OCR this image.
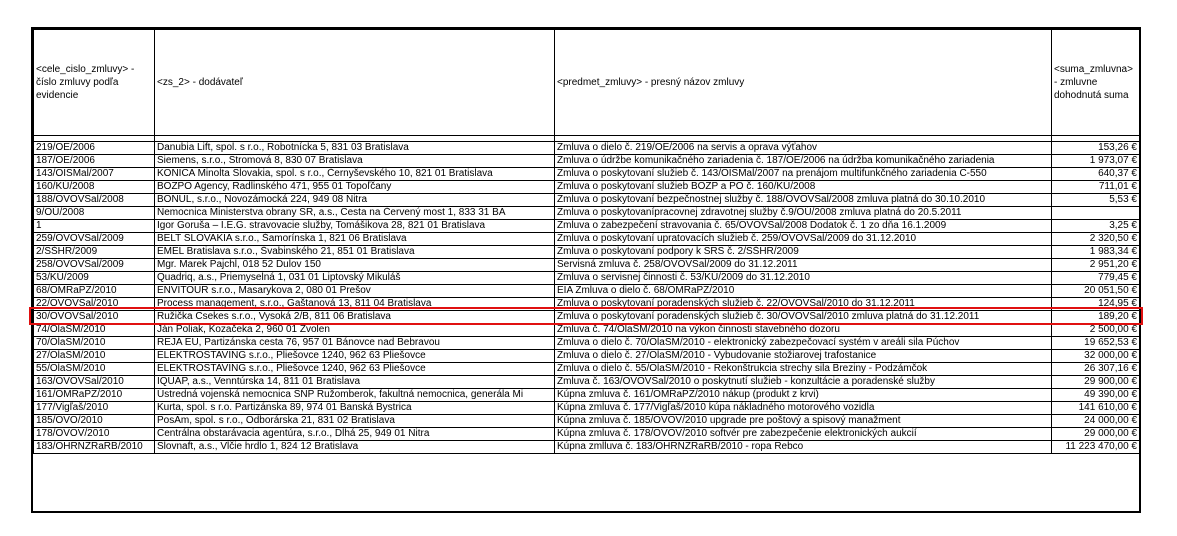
<cele_cislo_zmluvy> - číslo zmluvy podľa evidencie	<zs_2> - dodávateľ	<predmet_zmluvy> - presný názov zmluvy	<suma_zmluvna> - zmluvne dohodnutá suma

219/OE/2006	Danubia Lift, spol. s r.o., Robotnícka 5, 831 03 Bratislava	Zmluva o dielo č. 219/OE/2006 na servis a oprava výťahov	153,26 €
187/OE/2006	Siemens, s.r.o., Stromová 8, 830 07 Bratislava	Zmluva o údržbe komunikačného zariadenia č. 187/OE/2006 na údržba komunikačného zariadenia	1 973,07 €
143/OISMal/2007	KONICA Minolta Slovakia, spol. s r.o., Černyševského 10, 821 01 Bratislava	Zmluva o poskytovaní služieb č. 143/OISMal/2007 na prenájom multifunkčného zariadenia C-550	640,37 €
160/KÚ/2008	BOZPO Agency, Radlinského 471, 955 01 Topoľčany	Zmluva o poskytovaní služieb BOZP a PO č. 160/KÚ/2008	711,01 €
188/OVOVSal/2008	BONUL, s.r.o., Novozámocká 224, 949 08 Nitra	Zmluva o poskytovaní bezpečnostnej služby č. 188/OVOVSal/2008 zmluva platná do 30.10.2010	5,53 €
9/OÚ/2008	Nemocnica Ministerstva obrany SR, a.s., Cesta na Červený most 1, 833 31 BA	Zmluva o poskytovanípracovnej zdravotnej služby č.9/OÚ/2008 zmluva platná do 20.5.2011	
1	Igor Goruša – I.E.G. stravovacie služby, Tomášikova 28, 821 01 Bratislava	Zmluva o zabezpečení stravovania č. 65/OVOVSal/2008 Dodatok č. 1 zo dňa 16.1.2009	3,25 €
259/OVOVSal/2009	BELT SLOVAKIA s.r.o., Šamorínska 1, 821 06 Bratislava	Zmluva o poskytovaní upratovacích služieb č. 259/OVOVSal/2009 do 31.12.2010	2 320,50 €
2/SŠHR/2009	EMEL Bratislava s.r.o., Švabinského 21, 851 01 Bratislava	Zmluva o poskytovaní podpory k SRS č. 2/SŠHR/2009	1 983,34 €
258/OVOVSal/2009	Mgr. Marek Pajchl, 018 52 Dulov 150	Servisná zmluva č. 258/OVOVSal/2009 do 31.12.2011	2 951,20 €
53/KÚ/2009	Quadriq, a.s., Priemyselná 1, 031 01 Liptovský Mikuláš	Zmluva o servisnej činnosti č. 53/KÚ/2009 do 31.12.2010	779,45 €
68/OMRaPZ/2010	ENVITOUR s.r.o., Masarykova 2, 080 01 Prešov	EIA Zmluva o dielo č. 68/OMRaPZ/2010	20 051,50 €
22/OVOVSal/2010	Process management, s.r.o., Gaštanová 13, 811 04 Bratislava	Zmluva o poskytovaní poradenských služieb č. 22/OVOVSal/2010 do 31.12.2011	124,95 €
30/OVOVSal/2010	Ružička Csekes s.r.o., Vysoká 2/B, 811 06 Bratislava	Zmluva o poskytovaní poradenských služieb č. 30/OVOVSal/2010 zmluva platná do 31.12.2011	189,20 €
74/OlaSM/2010	Ján Poliak, Kozačeka 2, 960 01 Zvolen	Zmluva č. 74/OlaSM/2010 na výkon činnosti stavebného dozoru	2 500,00 €
70/OlaSM/2010	REJA EU, Partizánska cesta 76, 957 01 Bánovce nad Bebravou	Zmluva o dielo č. 70/OlaSM/2010 - elektronický zabezpečovací systém v areáli sila Púchov	19 652,53 €
27/OlaSM/2010	ELEKTROSTAVING s.r.o., Pliešovce 1240, 962 63 Pliešovce	Zmluva o dielo č. 27/OlaSM/2010 - Vybudovanie stožiarovej trafostanice	32 000,00 €
55/OlaSM/2010	ELEKTROSTAVING s.r.o., Pliešovce 1240, 962 63 Pliešovce	Zmluva o dielo č. 55/OlaSM/2010 - Rekonštrukcia strechy sila Breziny - Podzámčok	26 307,16 €
163/OVOVSal/2010	IQUAP, a.s., Venntúrska 14, 811 01 Bratislava	Zmluva č. 163/OVOVSal/2010 o poskytnutí služieb - konzultácie a poradenské služby	29 900,00 €
161/OMRaPZ/2010	Ústredná vojenská nemocnica SNP Ružomberok, fakultná nemocnica, generála Mi	Kúpna zmluva č. 161/OMRaPZ/2010 nákup (produkt z krvi)	49 390,00 €
177/Vigľaš/2010	Kurta, spol. s r.o. Partizánska 89, 974 01 Banská Bystrica	Kúpna zmluva č. 177/Vigľaš/2010 kúpa nákladného motorového vozidla	141 610,00 €
185/OVO/2010	PosAm, spol. s r.o., Odborárska 21, 831 02 Bratislava	Kúpna zmluva č. 185/OVOV/2010 upgrade pre poštový a spisový manažment	24 000,00 €
178/OVOV/2010	Centrálna obstarávacia agentúra, s.r.o., Dlhá 25, 949 01 Nitra	Kúpna zmluva č. 178/OVOV/2010 softvér pre zabezpečenie elektronických aukcií	29 000,00 €
183/OHRNZRaRB/2010	Slovnaft, a.s., Vlčie hrdlo 1, 824 12 Bratislava	Kúpna zmlluva č. 183/OHRNZRaRB/2010 - ropa Rebco	11 223 470,00 €
